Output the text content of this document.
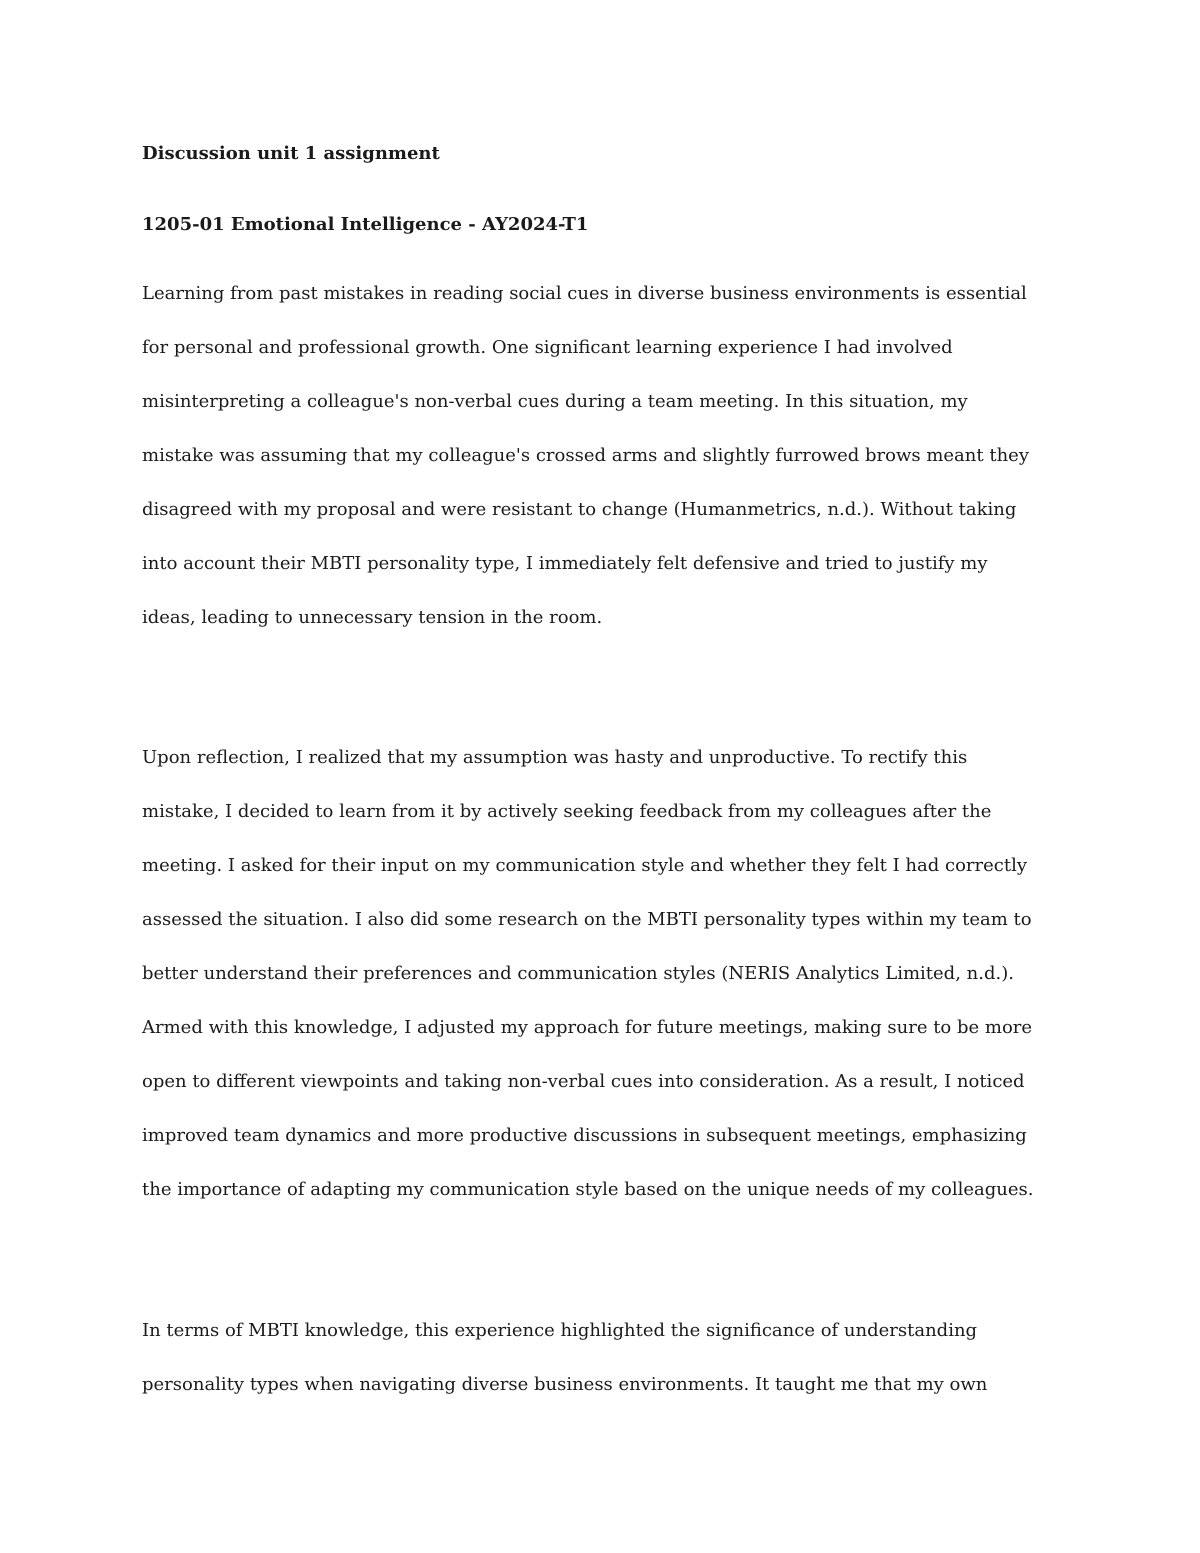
Discussion unit 1 assignment

1205-01 Emotional Intelligence - AY2024-T1

Learning from past mistakes in reading social cues in diverse business environments is essential

for personal and professional growth. One significant learning experience I had involved

misinterpreting a colleague's non-verbal cues during a team meeting. In this situation, my

mistake was assuming that my colleague's crossed arms and slightly furrowed brows meant they

disagreed with my proposal and were resistant to change (Humanmetrics, n.d.). Without taking

into account their MBTI personality type, I immediately felt defensive and tried to justify my

ideas, leading to unnecessary tension in the room.

Upon reflection, I realized that my assumption was hasty and unproductive. To rectify this

mistake, I decided to learn from it by actively seeking feedback from my colleagues after the

meeting. I asked for their input on my communication style and whether they felt I had correctly

assessed the situation. I also did some research on the MBTI personality types within my team to

better understand their preferences and communication styles (NERIS Analytics Limited, n.d.).

Armed with this knowledge, I adjusted my approach for future meetings, making sure to be more

open to different viewpoints and taking non-verbal cues into consideration. As a result, I noticed

improved team dynamics and more productive discussions in subsequent meetings, emphasizing

the importance of adapting my communication style based on the unique needs of my colleagues.

In terms of MBTI knowledge, this experience highlighted the significance of understanding

personality types when navigating diverse business environments. It taught me that my own
